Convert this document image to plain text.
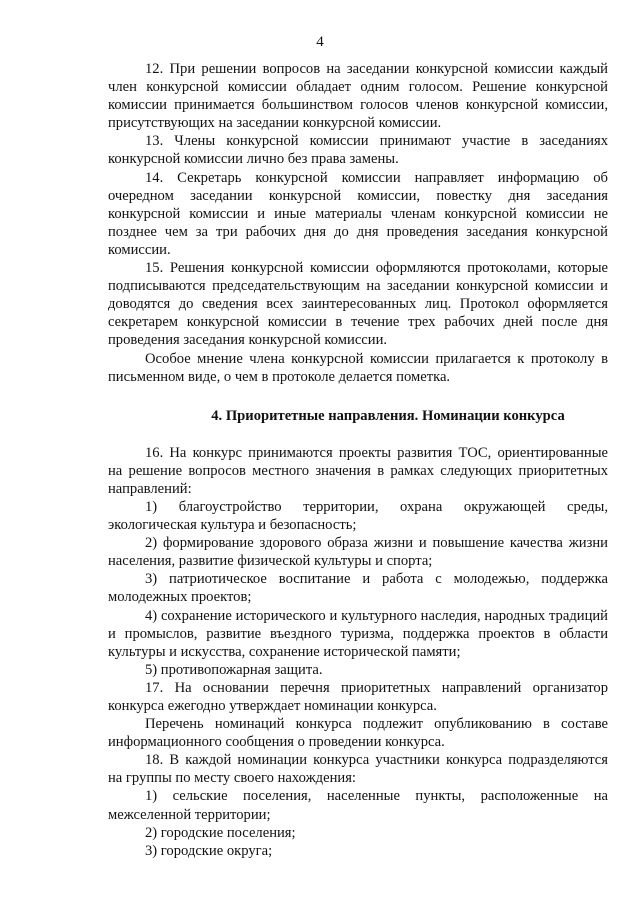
4

12. При решении вопросов на заседании конкурсной комиссии каждый член конкурсной комиссии обладает одним голосом. Решение конкурсной комиссии принимается большинством голосов членов конкурсной комиссии, присутствующих на заседании конкурсной комиссии.

13. Члены конкурсной комиссии принимают участие в заседаниях конкурсной комиссии лично без права замены.

14. Секретарь конкурсной комиссии направляет информацию об очередном заседании конкурсной комиссии, повестку дня заседания конкурсной комиссии и иные материалы членам конкурсной комиссии не позднее чем за три рабочих дня до дня проведения заседания конкурсной комиссии.

15. Решения конкурсной комиссии оформляются протоколами, которые подписываются председательствующим на заседании конкурсной комиссии и доводятся до сведения всех заинтересованных лиц. Протокол оформляется секретарем конкурсной комиссии в течение трех рабочих дней после дня проведения заседания конкурсной комиссии.

Особое мнение члена конкурсной комиссии прилагается к протоколу в письменном виде, о чем в протоколе делается пометка.

4. Приоритетные направления. Номинации конкурса

16. На конкурс принимаются проекты развития ТОС, ориентированные на решение вопросов местного значения в рамках следующих приоритетных направлений:

1) благоустройство территории, охрана окружающей среды, экологическая культура и безопасность;

2) формирование здорового образа жизни и повышение качества жизни населения, развитие физической культуры и спорта;

3) патриотическое воспитание и работа с молодежью, поддержка молодежных проектов;

4) сохранение исторического и культурного наследия, народных традиций и промыслов, развитие въездного туризма, поддержка проектов в области культуры и искусства, сохранение исторической памяти;

5) противопожарная защита.

17. На основании перечня приоритетных направлений организатор конкурса ежегодно утверждает номинации конкурса.

Перечень номинаций конкурса подлежит опубликованию в составе информационного сообщения о проведении конкурса.

18. В каждой номинации конкурса участники конкурса подразделяются на группы по месту своего нахождения:

1) сельские поселения, населенные пункты, расположенные на межселенной территории;

2) городские поселения;

3) городские округа;
